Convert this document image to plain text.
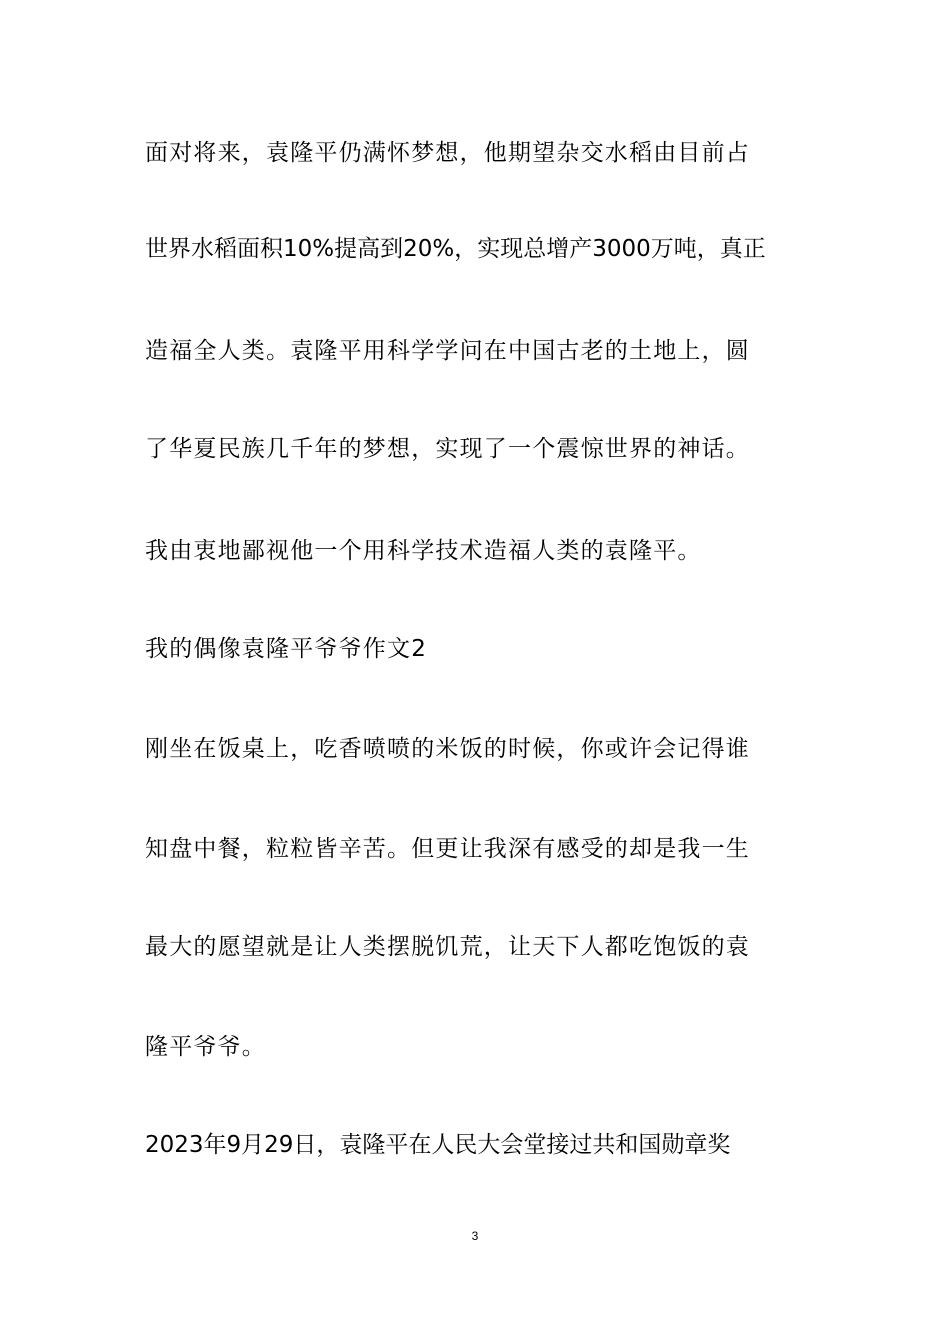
面对将来，袁隆平仍满怀梦想，他期望杂交水稻由目前占
世界水稻面积10%提高到20%，实现总增产3000万吨，真正
造福全人类。袁隆平用科学学问在中国古老的土地上，圆
了华夏民族几千年的梦想，实现了一个震惊世界的神话。
我由衷地鄙视他一个用科学技术造福人类的袁隆平。
我的偶像袁隆平爷爷作文2
刚坐在饭桌上，吃香喷喷的米饭的时候，你或许会记得谁
知盘中餐，粒粒皆辛苦。但更让我深有感受的却是我一生
最大的愿望就是让人类摆脱饥荒，让天下人都吃饱饭的袁
隆平爷爷。
2023年9月29日，袁隆平在人民大会堂接过共和国勋章奖
3
